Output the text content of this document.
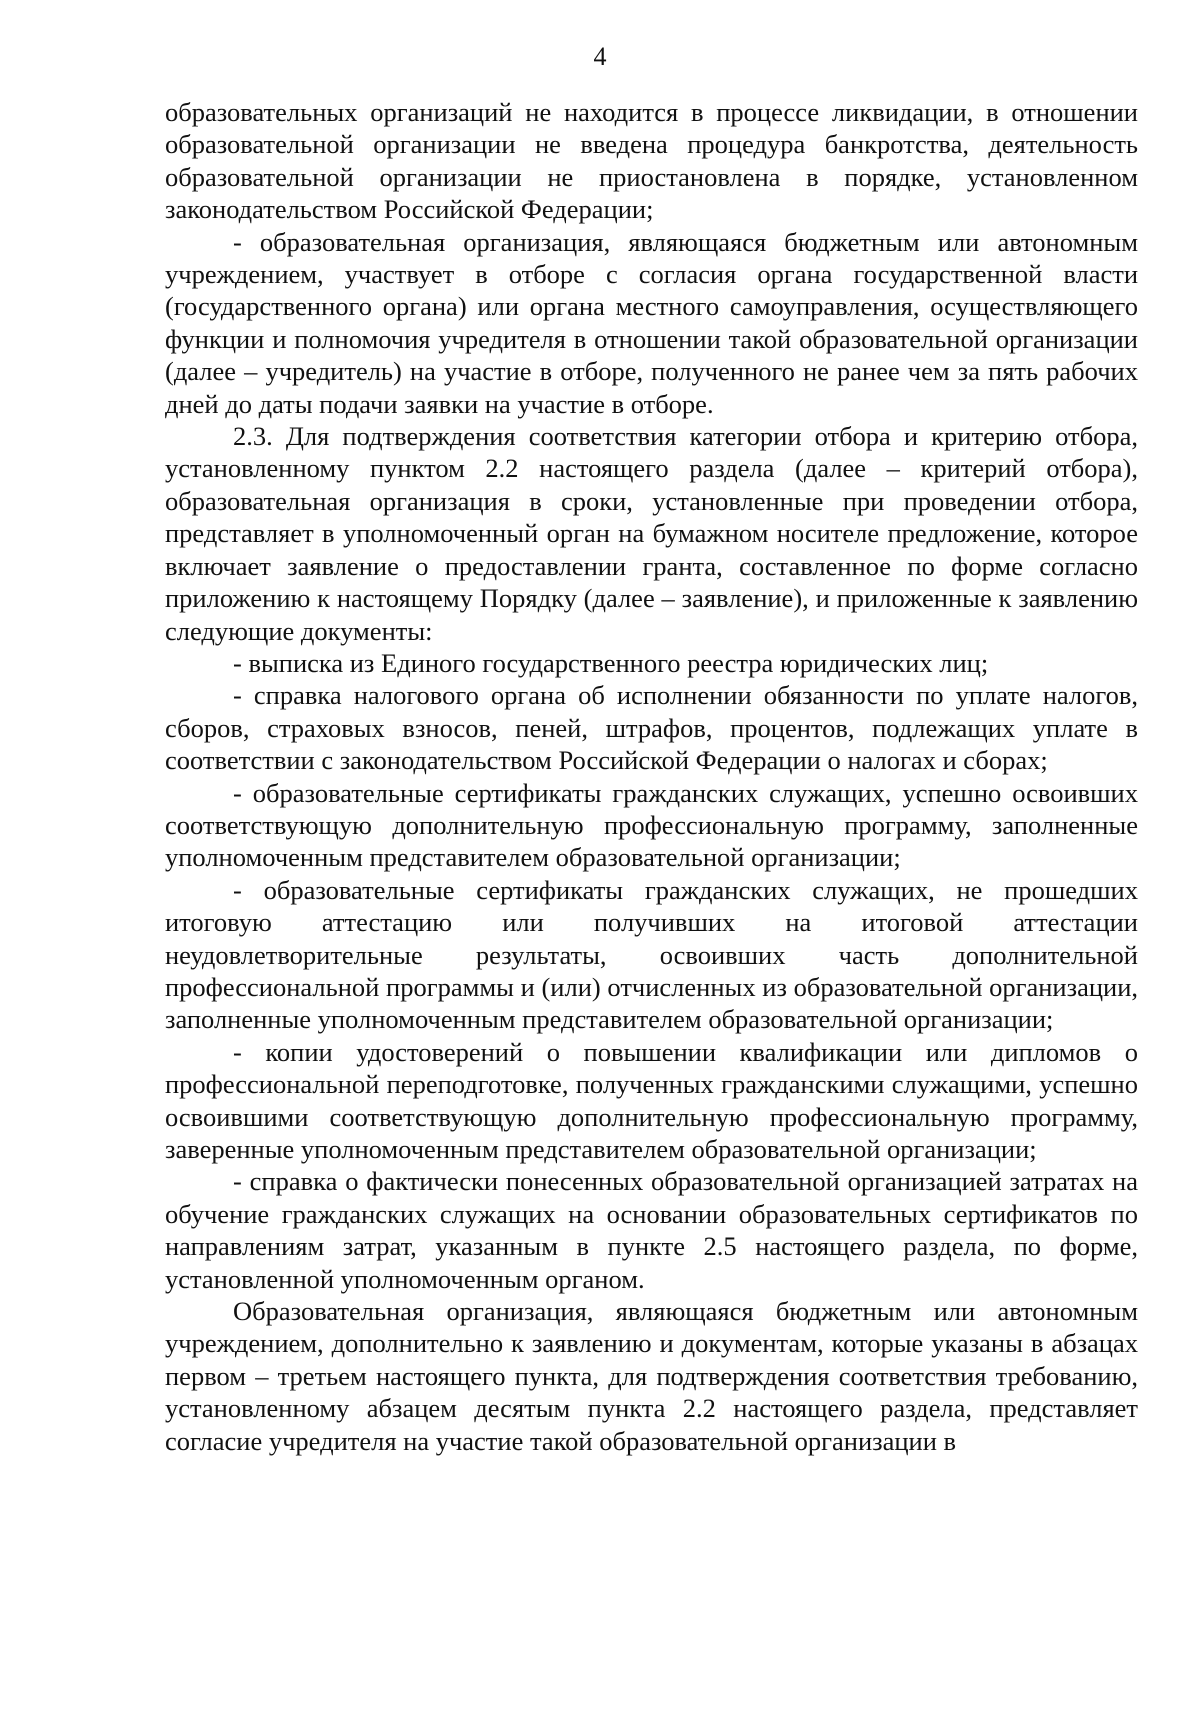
4

образовательных организаций не находится в процессе ликвидации, в отношении образовательной организации не введена процедура банкротства, деятельность образовательной организации не приостановлена в порядке, установленном законодательством Российской Федерации;

- образовательная организация, являющаяся бюджетным или автономным учреждением, участвует в отборе с согласия органа государственной власти (государственного органа) или органа местного самоуправления, осуществляющего функции и полномочия учредителя в отношении такой образовательной организации (далее – учредитель) на участие в отборе, полученного не ранее чем за пять рабочих дней до даты подачи заявки на участие в отборе.

2.3. Для подтверждения соответствия категории отбора и критерию отбора, установленному пунктом 2.2 настоящего раздела (далее – критерий отбора), образовательная организация в сроки, установленные при проведении отбора, представляет в уполномоченный орган на бумажном носителе предложение, которое включает заявление о предоставлении гранта, составленное по форме согласно приложению к настоящему Порядку (далее – заявление), и приложенные к заявлению следующие документы:

- выписка из Единого государственного реестра юридических лиц;

- справка налогового органа об исполнении обязанности по уплате налогов, сборов, страховых взносов, пеней, штрафов, процентов, подлежащих уплате в соответствии с законодательством Российской Федерации о налогах и сборах;

- образовательные сертификаты гражданских служащих, успешно освоивших соответствующую дополнительную профессиональную программу, заполненные уполномоченным представителем образовательной организации;

- образовательные сертификаты гражданских служащих, не прошедших итоговую аттестацию или получивших на итоговой аттестации неудовлетворительные результаты, освоивших часть дополнительной профессиональной программы и (или) отчисленных из образовательной организации, заполненные уполномоченным представителем образовательной организации;

- копии удостоверений о повышении квалификации или дипломов о профессиональной переподготовке, полученных гражданскими служащими, успешно освоившими соответствующую дополнительную профессиональную программу, заверенные уполномоченным представителем образовательной организации;

- справка о фактически понесенных образовательной организацией затратах на обучение гражданских служащих на основании образовательных сертификатов по направлениям затрат, указанным в пункте 2.5 настоящего раздела, по форме, установленной уполномоченным органом.

Образовательная организация, являющаяся бюджетным или автономным учреждением, дополнительно к заявлению и документам, которые указаны в абзацах первом – третьем настоящего пункта, для подтверждения соответствия требованию, установленному абзацем десятым пункта 2.2 настоящего раздела, представляет согласие учредителя на участие такой образовательной организации в
